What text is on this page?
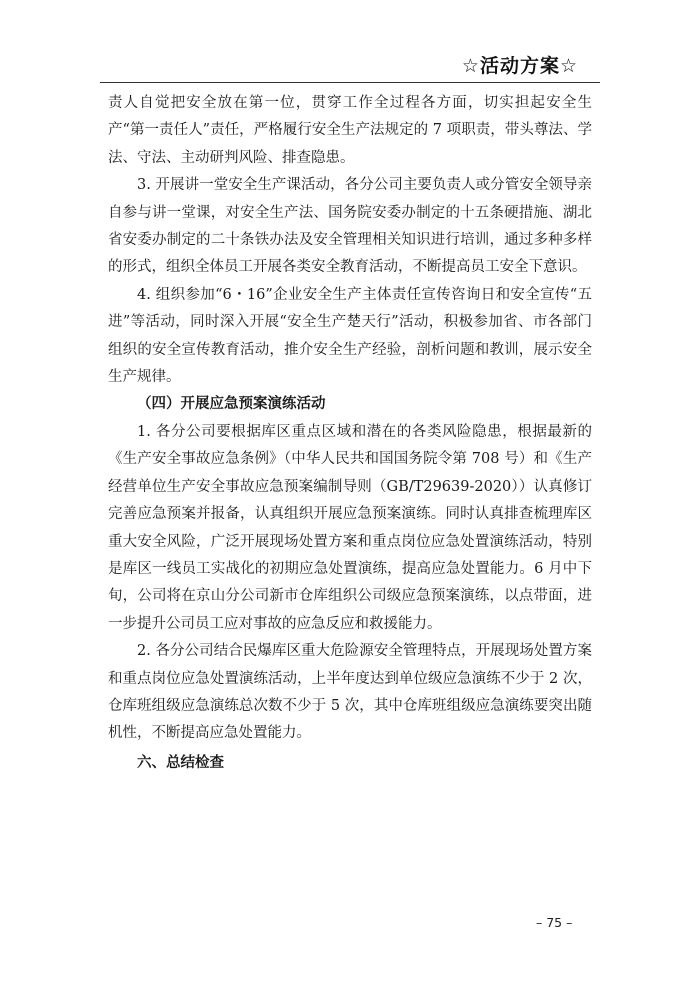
☆活动方案☆

责人自觉把安全放在第一位，贯穿工作全过程各方面，切实担起安全生产“第一责任人”责任，严格履行安全生产法规定的 7 项职责，带头尊法、学法、守法、主动研判风险、排查隐患。

3. 开展讲一堂安全生产课活动，各分公司主要负责人或分管安全领导亲自参与讲一堂课，对安全生产法、国务院安委办制定的十五条硬措施、湖北省安委办制定的二十条铁办法及安全管理相关知识进行培训，通过多种多样的形式，组织全体员工开展各类安全教育活动，不断提高员工安全下意识。

4. 组织参加“6・16”企业安全生产主体责任宣传咨询日和安全宣传“五进”等活动，同时深入开展“安全生产楚天行”活动，积极参加省、市各部门组织的安全宣传教育活动，推介安全生产经验，剖析问题和教训，展示安全生产规律。

（四）开展应急预案演练活动

1. 各分公司要根据库区重点区域和潜在的各类风险隐患，根据最新的《生产安全事故应急条例》（中华人民共和国国务院令第 708 号）和《生产经营单位生产安全事故应急预案编制导则（GB/T29639-2020））认真修订完善应急预案并报备，认真组织开展应急预案演练。同时认真排查梳理库区重大安全风险，广泛开展现场处置方案和重点岗位应急处置演练活动，特别是库区一线员工实战化的初期应急处置演练，提高应急处置能力。6 月中下旬，公司将在京山分公司新市仓库组织公司级应急预案演练，以点带面，进一步提升公司员工应对事故的应急反应和救援能力。

2. 各分公司结合民爆库区重大危险源安全管理特点，开展现场处置方案和重点岗位应急处置演练活动，上半年度达到单位级应急演练不少于 2 次，仓库班组级应急演练总次数不少于 5 次，其中仓库班组级应急演练要突出随机性，不断提高应急处置能力。

六、总结检查

– 75 –
